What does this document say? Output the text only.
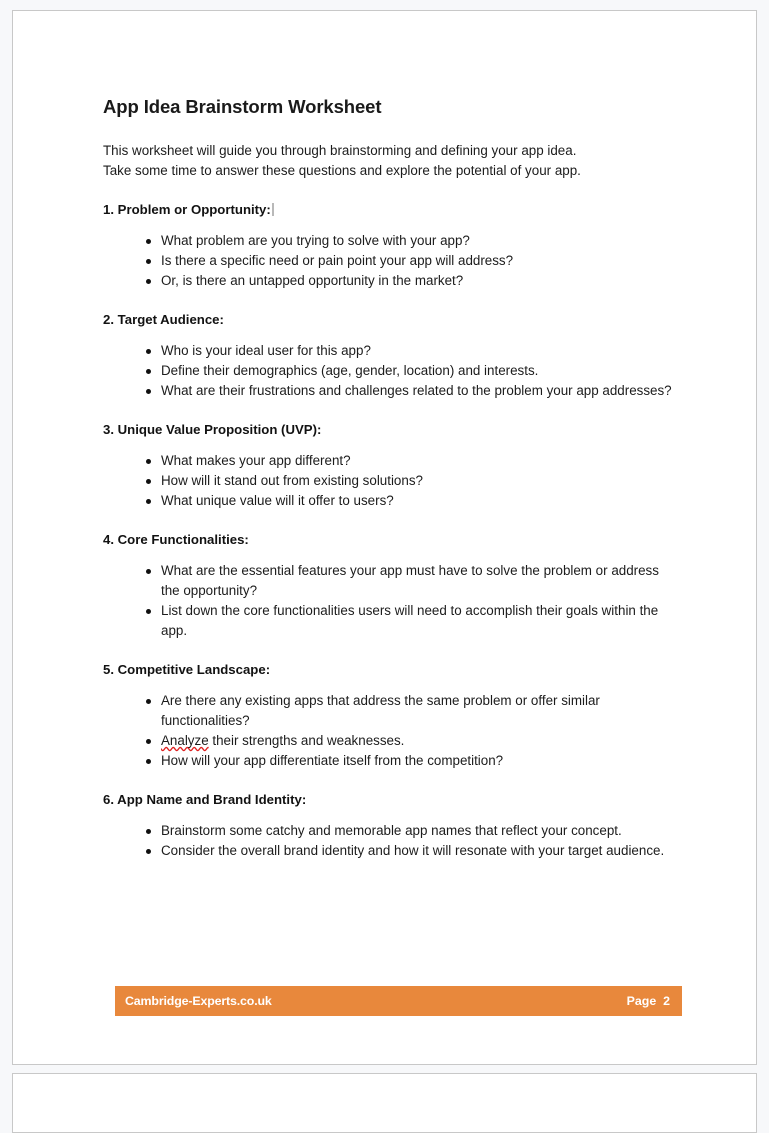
App Idea Brainstorm Worksheet

This worksheet will guide you through brainstorming and defining your app idea.
Take some time to answer these questions and explore the potential of your app.

1. Problem or Opportunity:
What problem are you trying to solve with your app?
Is there a specific need or pain point your app will address?
Or, is there an untapped opportunity in the market?
2. Target Audience:
Who is your ideal user for this app?
Define their demographics (age, gender, location) and interests.
What are their frustrations and challenges related to the problem your app addresses?
3. Unique Value Proposition (UVP):
What makes your app different?
How will it stand out from existing solutions?
What unique value will it offer to users?
4. Core Functionalities:
What are the essential features your app must have to solve the problem or address the opportunity?
List down the core functionalities users will need to accomplish their goals within the app.
5. Competitive Landscape:
Are there any existing apps that address the same problem or offer similar functionalities?
Analyze their strengths and weaknesses.
How will your app differentiate itself from the competition?
6. App Name and Brand Identity:
Brainstorm some catchy and memorable app names that reflect your concept.
Consider the overall brand identity and how it will resonate with your target audience.
Cambridge-Experts.co.uk	Page  2
